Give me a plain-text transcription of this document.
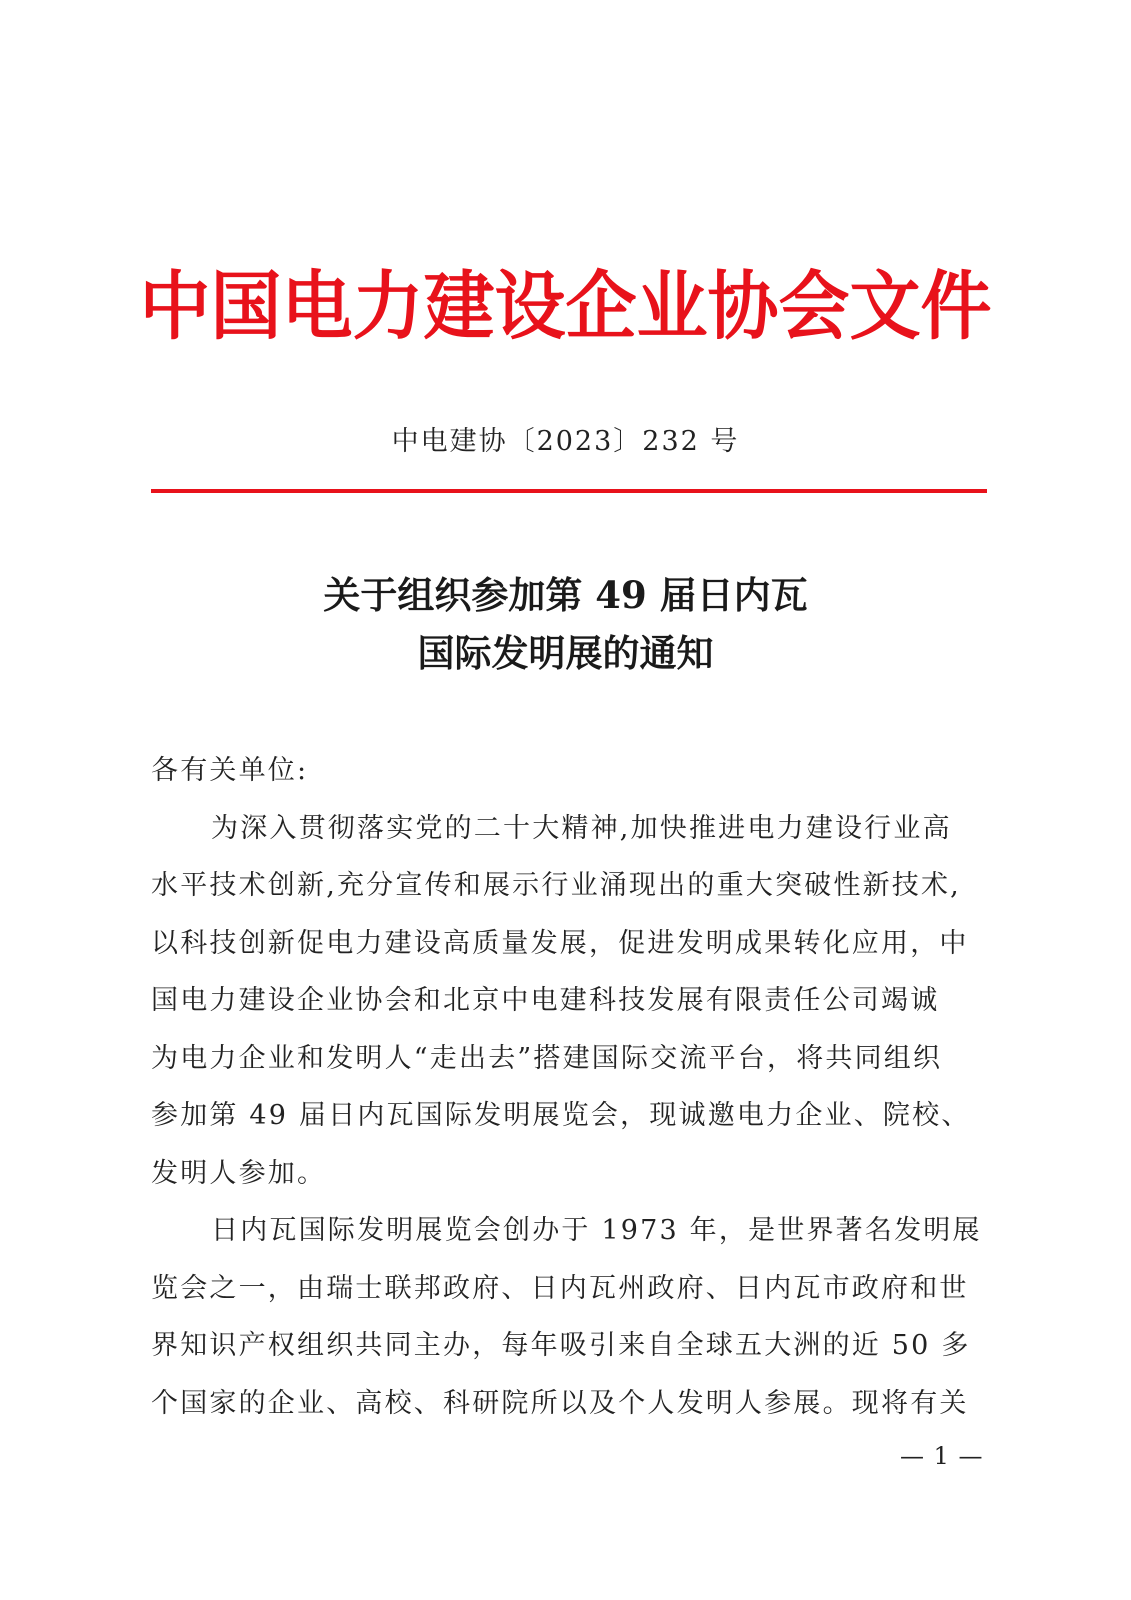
中国电力建设企业协会文件
中电建协〔2023〕232 号
关于组织参加第 49 届日内瓦
国际发明展的通知

各有关单位:

为深入贯彻落实党的二十大精神,加快推进电力建设行业高
水平技术创新,充分宣传和展示行业涌现出的重大突破性新技术,
以科技创新促电力建设高质量发展，促进发明成果转化应用，中
国电力建设企业协会和北京中电建科技发展有限责任公司竭诚
为电力企业和发明人“走出去”搭建国际交流平台，将共同组织
参加第 49 届日内瓦国际发明展览会，现诚邀电力企业、院校、
发明人参加。

日内瓦国际发明展览会创办于 1973 年，是世界著名发明展
览会之一，由瑞士联邦政府、日内瓦州政府、日内瓦市政府和世
界知识产权组织共同主办，每年吸引来自全球五大洲的近 50 多
个国家的企业、高校、科研院所以及个人发明人参展。现将有关

— 1 —
